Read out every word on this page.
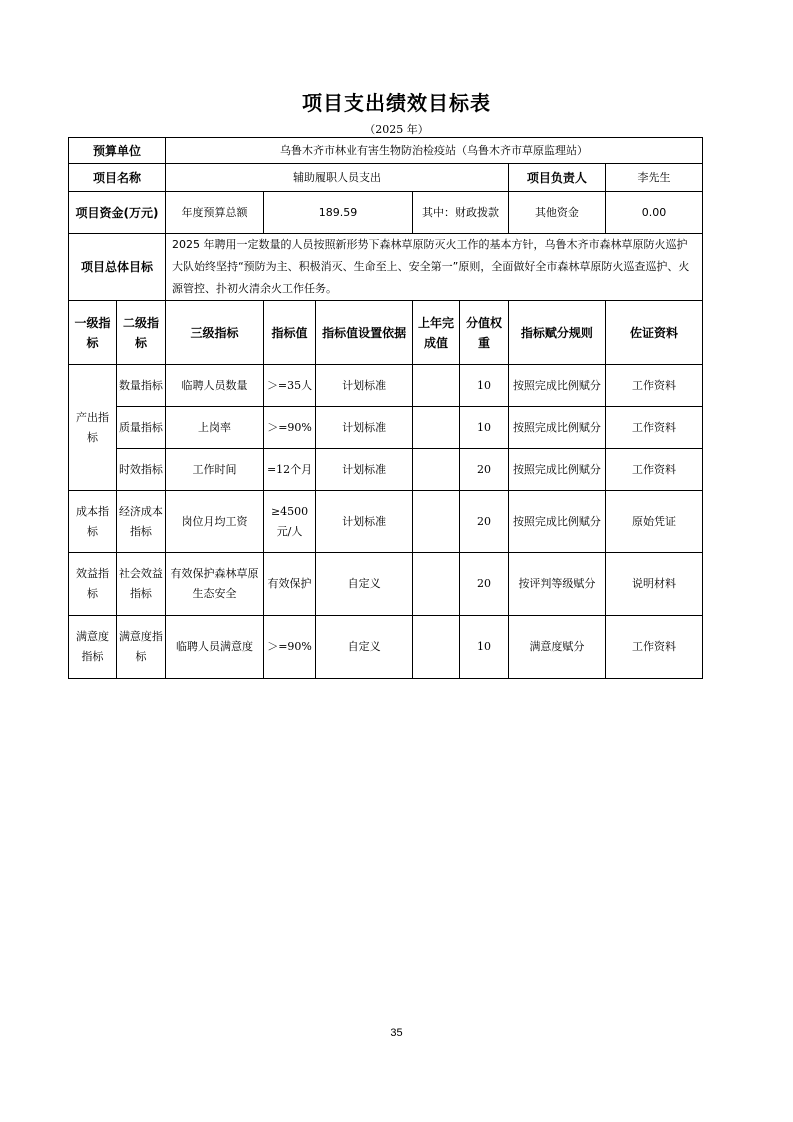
项目支出绩效目标表
（2025 年）
预算单位		乌鲁木齐市林业有害生物防治检疫站（乌鲁木齐市草原监理站）						
项目名称		辅助履职人员支出					项目负责人	李先生
项目资金(万元)		年度预算总额	189.59		其中：财政拨款		其他资金	0.00
项目总体目标		2025 年聘用一定数量的人员按照新形势下森林草原防灭火工作的基本方针，乌鲁木齐市森林草原防火巡护大队始终坚持“预防为主、积极消灭、生命至上、安全第一”原则，全面做好全市森林草原防火巡查巡护、火源管控、扑初火清余火工作任务。						
一级指标	二级指标	三级指标	指标值	指标值设置依据	上年完成值	分值权重	指标赋分规则	佐证资料
产出指标	数量指标	临聘人员数量	＞=35人	计划标准		10	按照完成比例赋分	工作资料
	质量指标	上岗率	＞=90%	计划标准		10	按照完成比例赋分	工作资料
	时效指标	工作时间	=12个月	计划标准		20	按照完成比例赋分	工作资料
成本指标	经济成本指标	岗位月均工资	≥4500元/人	计划标准		20	按照完成比例赋分	原始凭证
效益指标	社会效益指标	有效保护森林草原生态安全	有效保护	自定义		20	按评判等级赋分	说明材料
满意度指标	满意度指标	临聘人员满意度	＞=90%	自定义		10	满意度赋分	工作资料
35
